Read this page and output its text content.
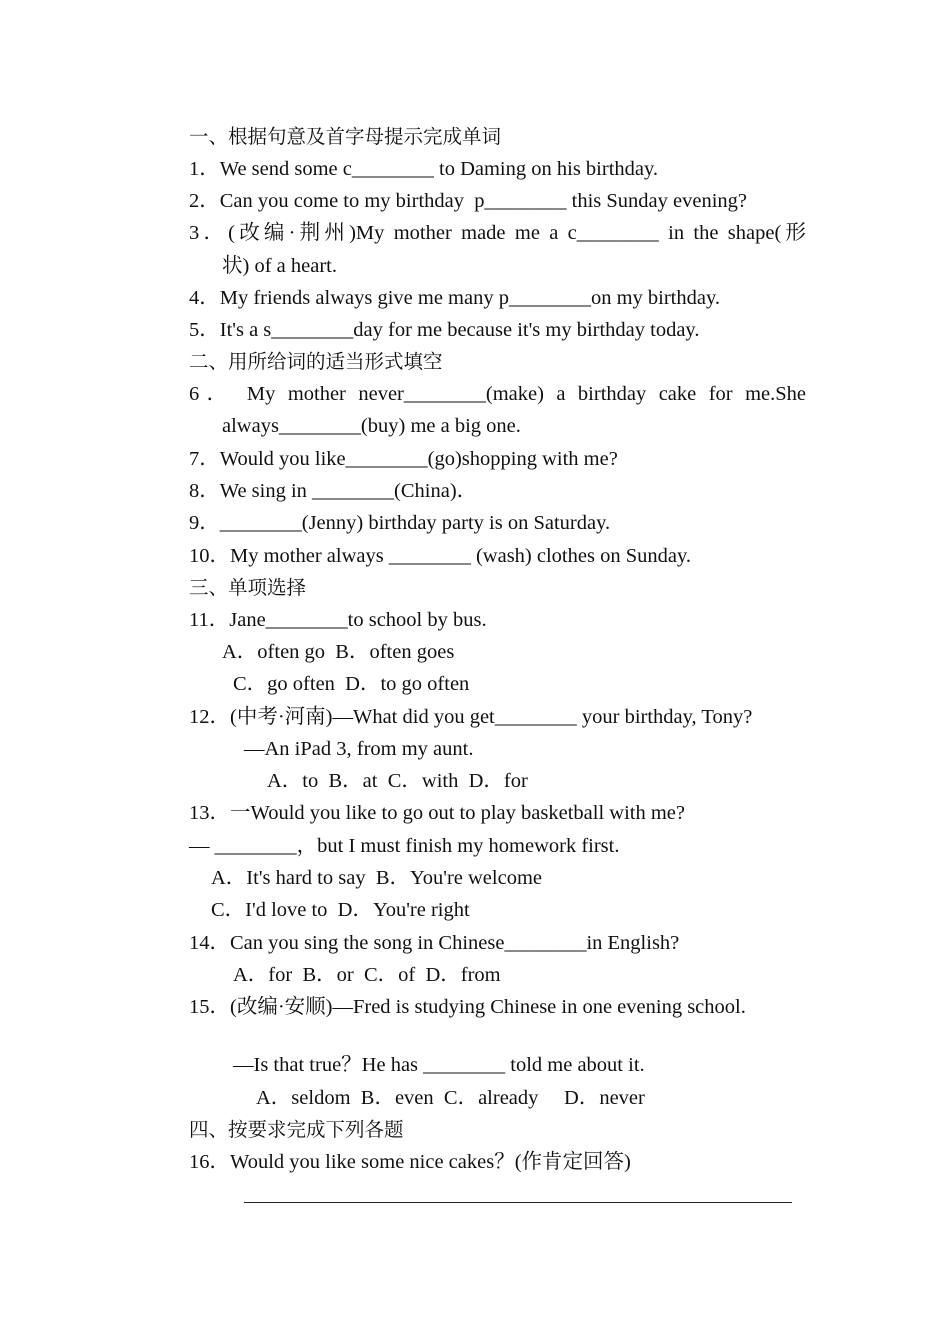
一、根据句意及首字母提示完成单词
1．We send some c________ to Daming on his birthday.
2．Can you come to my birthday  p________ this Sunday evening?
3．(改编·荆州)My mother made me a c________ in the shape(形
状) of a heart.
4．My friends always give me many p________on my birthday.
5．It's a s________day for me because it's my birthday today.
二、用所给词的适当形式填空
6． My mother never________(make) a birthday cake for me.She
always________(buy) me a big one.
7．Would you like________(go)shopping with me?
8．We sing in ________(China)．
9．________(Jenny) birthday party is on Saturday.
10．My mother always ________ (wash) clothes on Sunday.
三、单项选择
11．Jane________to school by bus.
A．often go  B．often goes
C．go often  D．to go often
12．(中考·河南)—What did you get________ your birthday, Tony?
—An iPad 3, from my aunt.
A．to  B．at  C．with  D．for
13．一Would you like to go out to play basketball with me?
— ________，but I must finish my homework first.
A．It's hard to say  B．You're welcome
C．I'd love to  D．You're right
14．Can you sing the song in Chinese________in English?
A．for  B．or  C．of  D．from
15．(改编·安顺)—Fred is studying Chinese in one evening school.
—Is that true？He has ________ told me about it.
A．seldom  B．even  C．already     D．never
四、按要求完成下列各题
16．Would you like some nice cakes？(作肯定回答)
